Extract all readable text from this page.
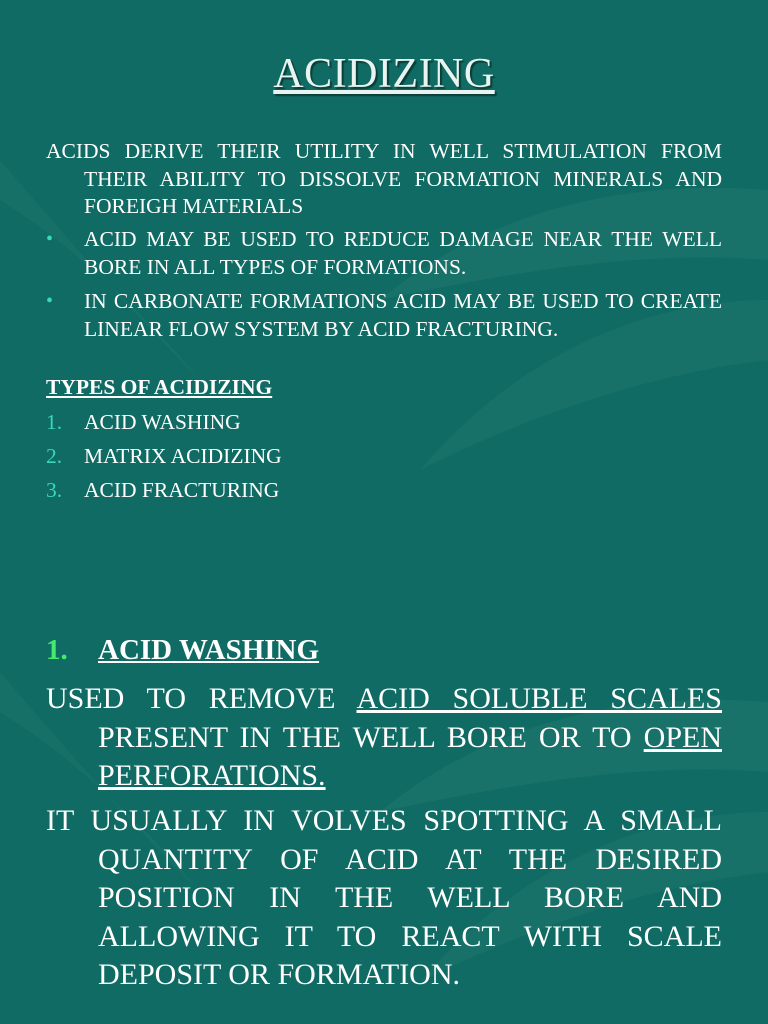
ACIDIZING
ACIDS DERIVE THEIR UTILITY IN WELL STIMULATION FROM THEIR ABILITY TO DISSOLVE FORMATION MINERALS AND FOREIGH MATERIALS
• ACID MAY BE USED TO REDUCE DAMAGE NEAR THE WELL BORE IN ALL TYPES OF FORMATIONS.
• IN CARBONATE FORMATIONS ACID MAY BE USED TO CREATE LINEAR FLOW SYSTEM BY ACID FRACTURING.
TYPES OF ACIDIZING
1. ACID WASHING
2. MATRIX ACIDIZING
3. ACID FRACTURING
1. ACID WASHING

USED TO REMOVE ACID SOLUBLE SCALES PRESENT IN THE WELL BORE OR TO OPEN PERFORATIONS.

IT USUALLY IN VOLVES SPOTTING A SMALL QUANTITY OF ACID AT THE DESIRED POSITION IN THE WELL BORE AND ALLOWING IT TO REACT WITH SCALE DEPOSIT OR FORMATION.
